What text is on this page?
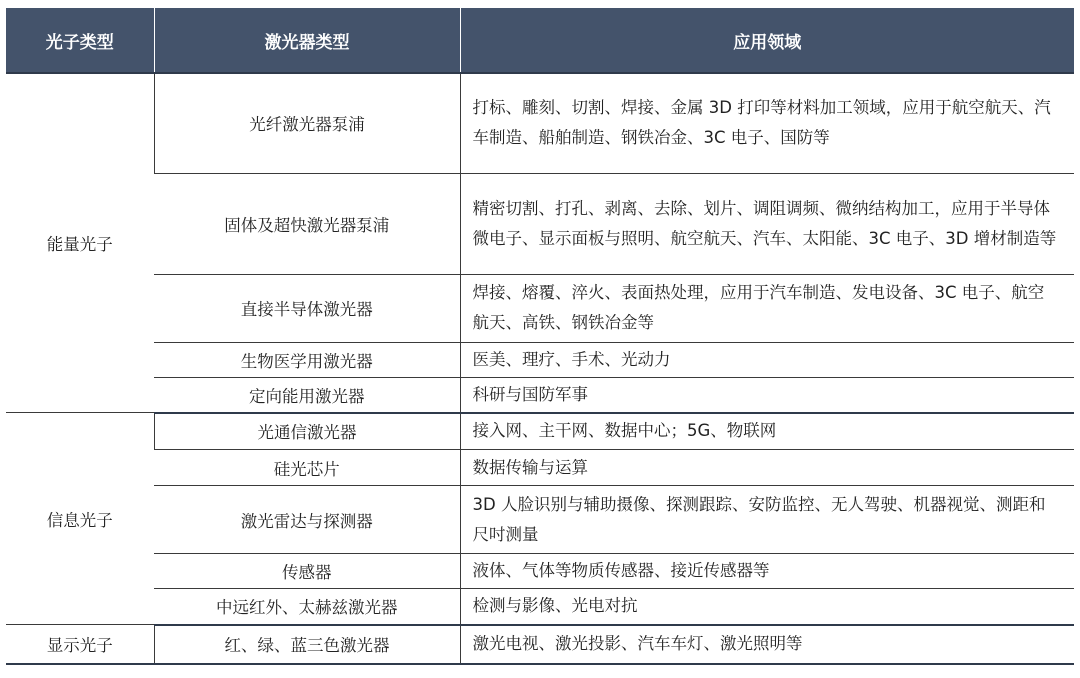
光子类型	激光器类型	应用领域
能量光子	光纤激光器泵浦	打标、雕刻、切割、焊接、金属 3D 打印等材料加工领域，应用于航空航天、汽车制造、船舶制造、钢铁冶金、3C 电子、国防等
	固体及超快激光器泵浦	精密切割、打孔、剥离、去除、划片、调阻调频、微纳结构加工，应用于半导体微电子、显示面板与照明、航空航天、汽车、太阳能、3C 电子、3D 增材制造等
	直接半导体激光器	焊接、熔覆、淬火、表面热处理，应用于汽车制造、发电设备、3C 电子、航空航天、高铁、钢铁冶金等
	生物医学用激光器	医美、理疗、手术、光动力
	定向能用激光器	科研与国防军事
信息光子	光通信激光器	接入网、主干网、数据中心；5G、物联网
	硅光芯片	数据传输与运算
	激光雷达与探测器	3D 人脸识别与辅助摄像、探测跟踪、安防监控、无人驾驶、机器视觉、测距和尺吋测量
	传感器	液体、气体等物质传感器、接近传感器等
	中远红外、太赫兹激光器	检测与影像、光电对抗
显示光子	红、绿、蓝三色激光器	激光电视、激光投影、汽车车灯、激光照明等
